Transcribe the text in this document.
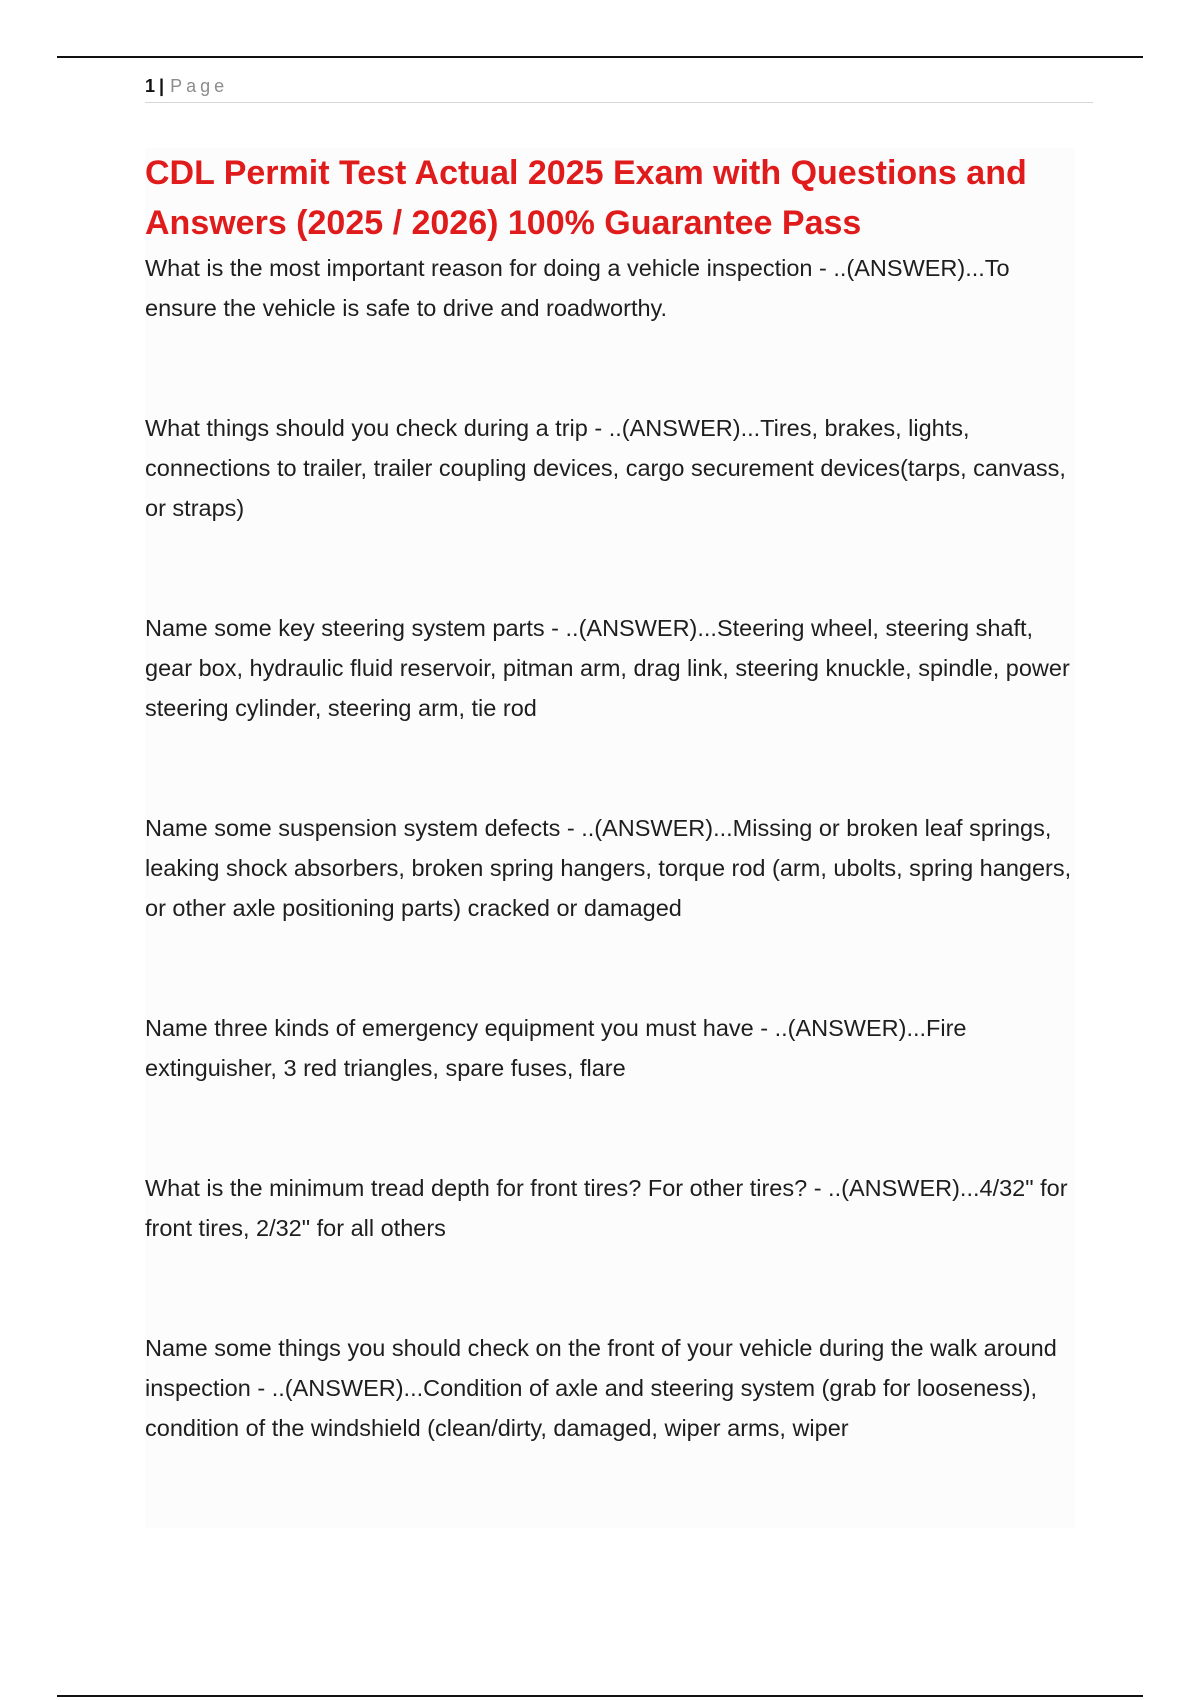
1 | Page
CDL Permit Test Actual 2025 Exam with Questions and Answers (2025 / 2026) 100% Guarantee Pass
What is the most important reason for doing a vehicle inspection - ..(ANSWER)...To ensure the vehicle is safe to drive and roadworthy.
What things should you check during a trip - ..(ANSWER)...Tires, brakes, lights, connections to trailer, trailer coupling devices, cargo securement devices(tarps, canvass, or straps)
Name some key steering system parts - ..(ANSWER)...Steering wheel, steering shaft, gear box, hydraulic fluid reservoir, pitman arm, drag link, steering knuckle, spindle, power steering cylinder, steering arm, tie rod
Name some suspension system defects - ..(ANSWER)...Missing or broken leaf springs, leaking shock absorbers, broken spring hangers, torque rod (arm, ubolts, spring hangers, or other axle positioning parts) cracked or damaged
Name three kinds of emergency equipment you must have - ..(ANSWER)...Fire extinguisher, 3 red triangles, spare fuses, flare
What is the minimum tread depth for front tires? For other tires? - ..(ANSWER)...4/32" for front tires, 2/32" for all others
Name some things you should check on the front of your vehicle during the walk around inspection - ..(ANSWER)...Condition of axle and steering system (grab for looseness), condition of the windshield (clean/dirty, damaged, wiper arms, wiper
